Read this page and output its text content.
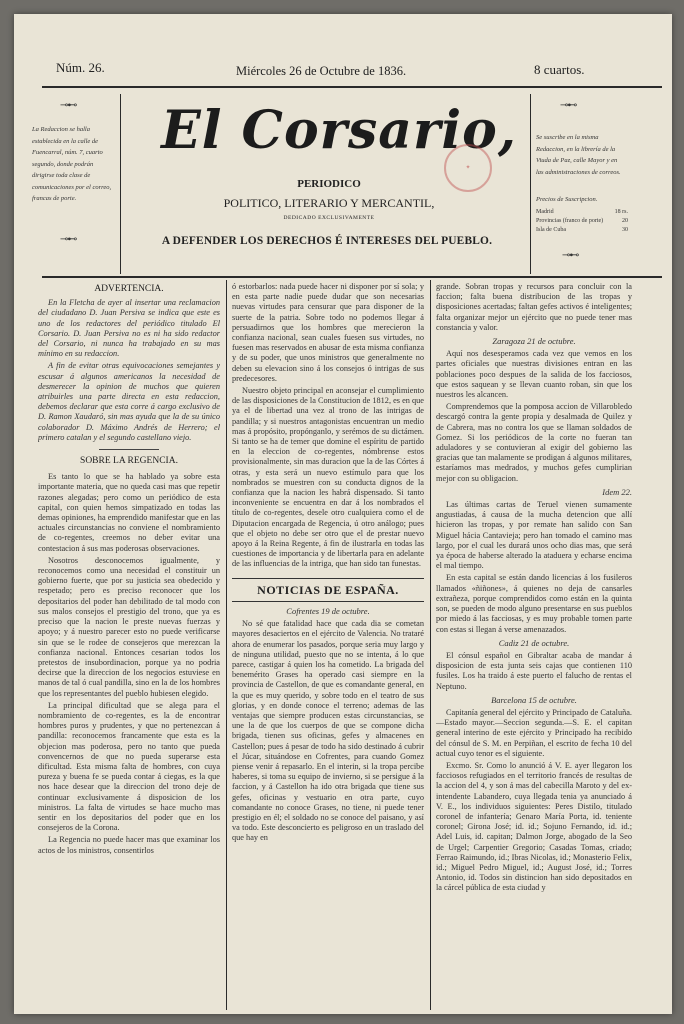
Núm. 26.	Miércoles 26 de Octubre de 1836.	8 cuartos.
La Redaccion se halla establecida en la calle de Fuencarral, núm. 7, cuarto segundo, donde podrán dirigirse toda clase de comunicaciones por el correo, francas de porte.
⊸⊷
⊸⊷
El Corsario,
✦
PERIODICO
POLITICO, LITERARIO Y MERCANTIL,
DEDICADO EXCLUSIVAMENTE
A DEFENDER LOS DERECHOS É INTERESES DEL PUEBLO.
Se suscribe en la misma Redaccion, en la librería de la Viuda de Paz, calle Mayor y en las administraciones de correos.
⊸⊷
Precios de Suscripcion.
Madrid	18 rs.
Provincias (franco de porte)	20
Isla de Cuba	30
⊸⊷
ADVERTENCIA.

En la Fletcha de ayer al insertar una reclamacion del ciudadano D. Juan Persiva se indica que este es uno de los redactores del periódico titulado El Corsario. D. Juan Persiva no es ni ha sido redactor del Corsario, ni nunca ha trabajado en su mas mínimo en su redaccion.

A fin de evitar otras equivocaciones semejantes y escusar á algunos americanos la necesidad de desmerecer la opinion de muchos que quieren atribuirles una parte directa en esta redaccion, debemos declarar que esta corre á cargo exclusivo de D. Ramon Xaudaró, sin mas ayuda que la de su único colaborador D. Máximo Andrés de Herrero; el primero catalan y el segundo castellano viejo.

SOBRE LA REGENCIA.

Es tanto lo que se ha hablado ya sobre esta importante materia, que no queda casi mas que repetir razones alegadas; pero como un periódico de esta capital, con quien hemos simpatizado en todas las demas opiniones, ha emprendido manifestar que en las actuales circunstancias no conviene el nombramiento de co-regentes, creemos no deber evitar una contestacion á sus mas poderosas observaciones.

Nosotros desconocemos igualmente, y reconocemos como una necesidad el constituir un gobierno fuerte, que por su justicia sea obedecido y respetado; pero es preciso reconocer que los depositarios del poder han debilitado de tal modo con sus malos consejos el prestigio del trono, que ya es preciso que la nacion le preste nuevas fuerzas y apoyo; y á nuestro parecer esto no puede verificarse sin que se le rodee de consejeros que merezcan la confianza nacional. Entonces cesarian todos los pretestos de insubordinacion, porque ya no podria decirse que la direccion de los negocios estuviese en manos de tal ó cual pandilla, sino en la de los hombres que los representantes del pueblo hubiesen elegido.

La principal dificultad que se alega para el nombramiento de co-regentes, es la de encontrar hombres puros y prudentes, y que no pertenezcan á pandilla: reconocemos francamente que esta es la objecion mas poderosa, pero no tanto que pueda convencernos de que no pueda superarse esta dificultad. Esta misma falta de hombres, con cuya pureza y buena fe se pueda contar á ciegas, es la que nos hace desear que la direccion del trono deje de continuar exclusivamente á disposicion de los ministros. La falta de virtudes se hace mucho mas sentir en los depositarios del poder que en los consejeros de la Corona.

La Regencia no puede hacer mas que examinar los actos de los ministros, consentirlos

ó estorbarlos: nada puede hacer ni disponer por sí sola; y en esta parte nadie puede dudar que son necesarias nuevas virtudes para censurar que para disponer de la suerte de la patria. Sobre todo no podemos llegar á persuadirnos que los hombres que merecieron la confianza nacional, sean cuales fuesen sus virtudes, no fuesen mas reservados en abusar de esta misma confianza y de su poder, que unos ministros que generalmente no deben su elevacion sino á los consejos ó intrigas de sus predecesores.

Nuestro objeto principal en aconsejar el cumplimiento de las disposiciones de la Constitucion de 1812, es en que ya el de libertad una vez al trono de las intrigas de pandilla; y si nuestros antagonistas encuentran un medio mas á propósito, propónganlo, y serémos de su dictámen. Si tanto se ha de temer que domine el espíritu de partido en la eleccion de co-regentes, nómbrense estos provisionalmente, sin mas duracion que la de las Córtes á otras, y esta será un nuevo estímulo para que los nombrados se muestren con su conducta dignos de la confianza que la nacion les habrá dispensado. Si tanto inconveniente se encuentra en dar á los nombrados el título de co-regentes, desele otro cualquiera como el de Diputacion encargada de Regencia, ú otro análogo; pues que el objeto no debe ser otro que el de prestar nuevo apoyo á la Reina Regente, á fin de ilustrarla en todas las cuestiones de importancia y de libertarla para en adelante de las influencias de la intriga, que han sido tan funestas.

NOTICIAS DE ESPAÑA.
Cofrentes 19 de octubre.

No sé que fatalidad hace que cada dia se cometan mayores desaciertos en el ejército de Valencia. No trataré ahora de enumerar los pasados, porque seria muy largo y de ninguna utilidad, puesto que no se intenta, á lo que parece, castigar á quien los ha cometido. La brigada del benemérito Grases ha operado casi siempre en la provincia de Castellon, de que es comandante general, en la que es muy querido, y sobre todo en el teatro de sus glorias, y en donde conoce el terreno; ademas de las ventajas que siempre producen estas circunstancias, se une la de que los cuerpos de que se compone dicha brigada, tienen sus oficinas, gefes y almacenes en Castellon; pues á pesar de todo ha sido destinado á cubrir el Júcar, situándose en Cofrentes, para cuando Gomez piense venir á repasarlo. En el interin, si la tropa percibe haberes, si toma su equipo de invierno, si se persigue á la faccion, y á Castellon ha ido otra brigada que tiene sus gefes, oficinas y vestuario en otra parte, cuyo comandante no conoce Grases, no tiene, ni puede tener prestigio en él; el soldado no se conoce del paisano, y así va todo. Este desconcierto es peligroso en un traslado del que hay en

grande. Sobran tropas y recursos para concluir con la faccion; falta buena distribucion de las tropas y disposiciones acertadas; faltan gefes activos é inteligentes; falta organizar mejor un ejército que no puede tener mas constancia y valor.

Zaragoza 21 de octubre.

Aquí nos desesperamos cada vez que vemos en los partes oficiales que nuestras divisiones entran en las poblaciones poco despues de la salida de los facciosos, que estos saquean y se llevan cuanto roban, sin que los nuestros les alcancen.

Comprendemos que la pomposa accion de Villarobledo descargó contra la gente propia y desalmada de Quilez y de Cabrera, mas no contra los que se llaman soldados de Gomez. Si los periódicos de la corte no fueran tan aduladores y se contuvieran al exigir del gobierno las gracias que tan malamente se prodigan á algunos militares, estaríamos mas medrados, y muchos gefes cumplirian mejor con su obligacion.

Idem 22.

Las últimas cartas de Teruel vienen sumamente angustiadas, á causa de la mucha detencion que allí hicieron las tropas, y por remate han salido con San Miguel hácia Cantavieja; pero han tomado el camino mas largo, por el cual les durará unos ocho dias mas, que será ya época de haberse alterado la ataduera y echarse encima el mal tiempo.

En esta capital se están dando licencias á los fusileros llamados «ñiñones», á quienes no deja de cansarles extrañeza, porque comprendidos como están en la quinta son, se pueden de modo alguno presentarse en sus pueblos por miedo á las facciosas, y es muy probable tomen parte con estas si llegan á verse amenazados.

Cadiz 21 de octubre.

El cónsul español en Gibraltar acaba de mandar á disposicion de esta junta seis cajas que contienen 110 fusiles. Los ha traido á este puerto el falucho de rentas el Neptuno.

Barcelona 15 de octubre.

Capitanía general del ejército y Principado de Cataluña.—Estado mayor.—Seccion segunda.—S. E. el capitan general interino de este ejército y Principado ha recibido del cónsul de S. M. en Perpiñan, el escrito de fecha 10 del actual cuyo tenor es el siguiente.

Excmo. Sr. Como lo anunció á V. E. ayer llegaron los facciosos refugiados en el territorio francés de resultas de la accion del 4, y son á mas del cabecilla Maroto y del ex-intendente Labandero, cuya llegada tenia ya anunciado á V. E., los individuos siguientes: Peres Distilo, titulado coronel de infantería; Genaro María Porta, id. teniente coronel; Girona José; id. id.; Sojuno Fernando, id. id.; Adel Luis, id. capitan; Dalmon Jorge, abogado de la Seo de Urgel; Carpentier Gregorio; Casadas Tomas, criado; Ferrao Raimundo, id.; Ibras Nicolas, id.; Monasterio Felix, id.; Miguel Pedro Miguel, id.; August José, id.; Torres Antonio, id. Todos sin distincion han sido depositados en la cárcel pública de esta ciudad y
